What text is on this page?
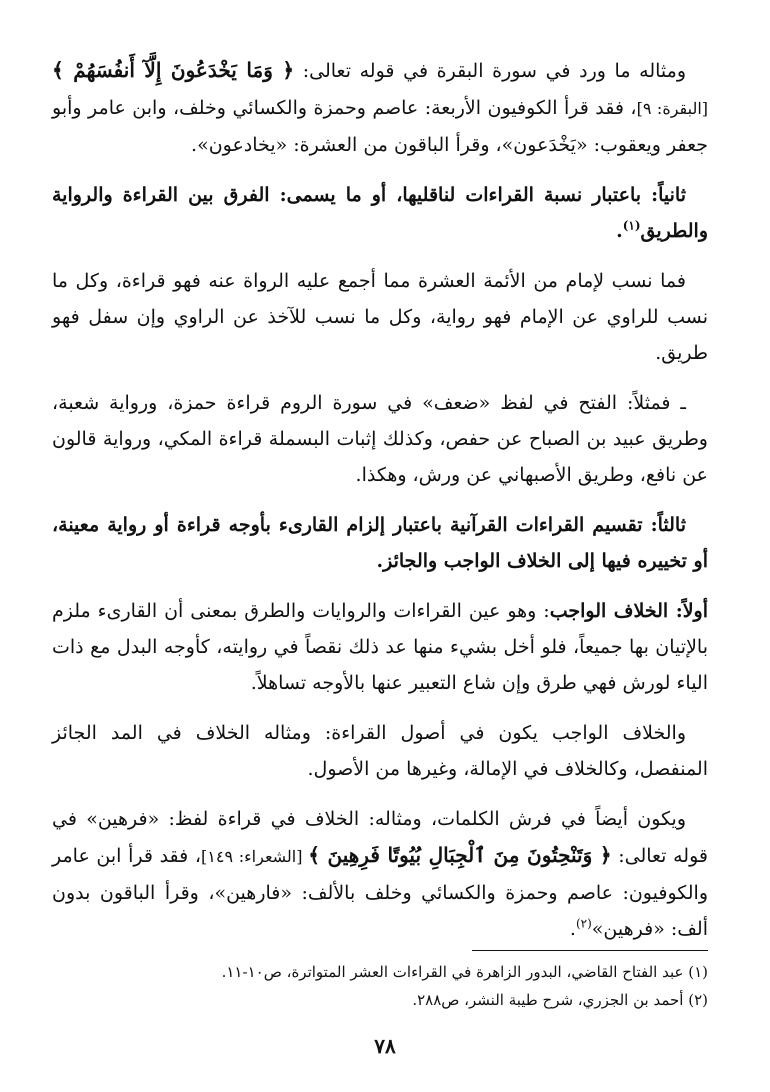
ومثاله ما ورد في سورة البقرة في قوله تعالى: ﴿ وَمَا يَخْدَعُونَ إِلَّآ أَنفُسَهُمْ ﴾ [البقرة: ٩]، فقد قرأ الكوفيون الأربعة: عاصم وحمزة والكسائي وخلف، وابن عامر وأبو جعفر ويعقوب: «يَخْدَعون»، وقرأ الباقون من العشرة: «يخادعون».

ثانياً: باعتبار نسبة القراءات لناقليها، أو ما يسمى: الفرق بين القراءة والرواية والطريق$^{(١)}$.

فما نسب لإمام من الأئمة العشرة مما أجمع عليه الرواة عنه فهو قراءة، وكل ما نسب للراوي عن الإمام فهو رواية، وكل ما نسب للآخذ عن الراوي وإن سفل فهو طريق.

ـ فمثلاً: الفتح في لفظ «ضعف» في سورة الروم قراءة حمزة، ورواية شعبة، وطريق عبيد بن الصباح عن حفص، وكذلك إثبات البسملة قراءة المكي، ورواية قالون عن نافع، وطريق الأصبهاني عن ورش، وهكذا.

ثالثاً: تقسيم القراءات القرآنية باعتبار إلزام القارىء بأوجه قراءة أو رواية معينة، أو تخييره فيها إلى الخلاف الواجب والجائز.

أولاً: الخلاف الواجب: وهو عين القراءات والروايات والطرق بمعنى أن القارىء ملزم بالإتيان بها جميعاً، فلو أخل بشيء منها عد ذلك نقصاً في روايته، كأوجه البدل مع ذات الياء لورش فهي طرق وإن شاع التعبير عنها بالأوجه تساهلاً.

والخلاف الواجب يكون في أصول القراءة: ومثاله الخلاف في المد الجائز المنفصل، وكالخلاف في الإمالة، وغيرها من الأصول.

ويكون أيضاً في فرش الكلمات، ومثاله: الخلاف في قراءة لفظ: «فرهين» في قوله تعالى: ﴿ وَتَنْحِتُونَ مِنَ ٱلْجِبَالِ بُيُوتًا فَرِهِينَ ﴾ [الشعراء: ١٤٩]، فقد قرأ ابن عامر والكوفيون: عاصم وحمزة والكسائي وخلف بالألف: «فارهين»، وقرأ الباقون بدون ألف: «فرهين»$^{(٢)}$.

(١) عبد الفتاح القاضي، البدور الزاهرة في القراءات العشر المتواترة، ص١٠-١١.
(٢) أحمد بن الجزري، شرح طيبة النشر، ص٢٨٨.
٧٨
